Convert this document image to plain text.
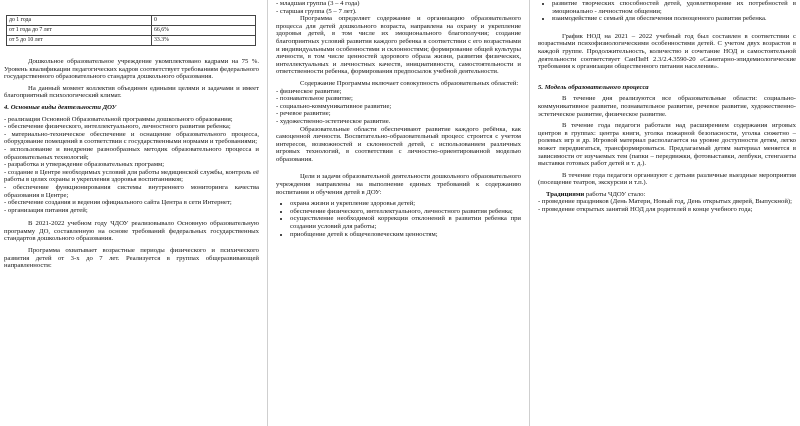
до 1 года	0
от 1 года до 7 лет	66,6%
от 5 до 10 лет	33.3%

Дошкольное образовательное учреждение укомплектовано кадрами на 75 %. Уровень квалификации педагогических кадров соответствует требованиям федерального государственного образовательного стандарта дошкольного образования.

На данный момент коллектив объединен едиными целями и задачами и имеет благоприятный психологический климат.

4. Основные виды деятельности ДОУ

- реализация Основной Образовательной программы дошкольного образования;

- обеспечение физического, интеллектуального, личностного развития ребенка;

- материально-техническое обеспечение и оснащение образовательного процесса, оборудование помещений в соответствии с государственными нормами и требованиями;

- использование и внедрение разнообразных методик образовательного процесса и образовательных технологий;

- разработка и утверждение образовательных программ;

- создание в Центре необходимых условий для работы медицинской службы, контроль её работы в целях охраны и укрепления здоровья воспитанников;

- обеспечение функционирования системы внутреннего мониторинга качества образования в Центре;

- обеспечение создания и ведения официального сайта Центра в сети Интернет;

- организация питания детей;

В 2021-2022 учебном году ЧДОУ реализовывало Основную образовательную программу ДО, составленную на основе требований федеральных государственных стандартов дошкольного образования.

Программа охватывает возрастные периоды физического и психического развития детей от 3-х до 7 лет. Реализуется в группах общеразвивающей направленности:

- младшая группа (3 – 4 года)

- старшая группа (5 – 7 лет).

Программа определяет содержание и организацию образовательного процесса для детей дошкольного возраста, направлена на охрану и укрепление здоровья детей, в том числе их эмоционального благополучия; создание благоприятных условий развития каждого ребенка в соответствии с его возрастными и индивидуальными особенностями и склонностями; формирование общей культуры личности, в том числе ценностей здорового образа жизни, развития физических, интеллектуальных и личностных качеств, инициативности, самостоятельности и ответственности ребенка, формирования предпосылок учебной деятельности.

Содержание Программы включает совокупность образовательных областей:

- физическое развитие;

- познавательное развитие;

- социально-коммуникативное развитие;

- речевое развитие;

- художественно-эстетическое развитие.

Образовательные области обеспечивают развитие каждого ребёнка, как самоценной личности. Воспитательно-образовательный процесс строится с учетом интересов, возможностей и склонностей детей, с использованием различных игровых технологий, в соответствии с личностно-ориентированной моделью образования.

Цели и задачи образовательной деятельности дошкольного образовательного учреждения направлены на выполнение единых требований к содержанию воспитания и обучения детей в ДОУ:

• охрана жизни и укрепление здоровья детей;
• обеспечение физического, интеллектуального, личностного развития ребенка;
• осуществление необходимой коррекции отклонений в развитии ребенка при создании условий для работы;
• приобщение детей к общечеловеческим ценностям;
• развитие творческих способностей детей, удовлетворение их потребностей в эмоционально - личностном общении;
• взаимодействие с семьей для обеспечения полноценного развития ребенка.

График НОД на 2021 – 2022 учебный год был составлен в соответствии с возрастными психофизиологическими особенностями детей. С учетом двух возрастов в каждой группе. Продолжительность, количество и сочетание НОД и самостоятельной деятельности соответствует СанПиН 2.3/2.4.3590-20 «Санитарно-эпидемиологические требования к организации общественного питания населения».

5. Модель образовательного процесса

В течение дня реализуются все образовательные области: социально- коммуникативное развитие, познавательное развитие, речевое развитие, художественно- эстетическое развитие, физическое развитие.

В течение года педагоги работали над расширением содержания игровых центров в группах: центра книги, уголка пожарной безопасности, уголка сюжетно – ролевых игр и др. Игровой материал располагается на уровне доступности детям, легко может передвигаться, трансформироваться. Предлагаемый детям материал меняется в зависимости от изучаемых тем (папки – передвижки, фотовыставки, лепбуки, стенгазеты выставки готовых работ детей и т. д.).

В течение года педагоги организуют с детьми различные выездные мероприятия (посещение театров, экскурсии и т.п.).

Традициями работы ЧДОУ стало:

- проведение праздников (День Матери, Новый год, День открытых дверей, Выпускной);

- проведение открытых занятий НОД для родителей в конце учебного года;
